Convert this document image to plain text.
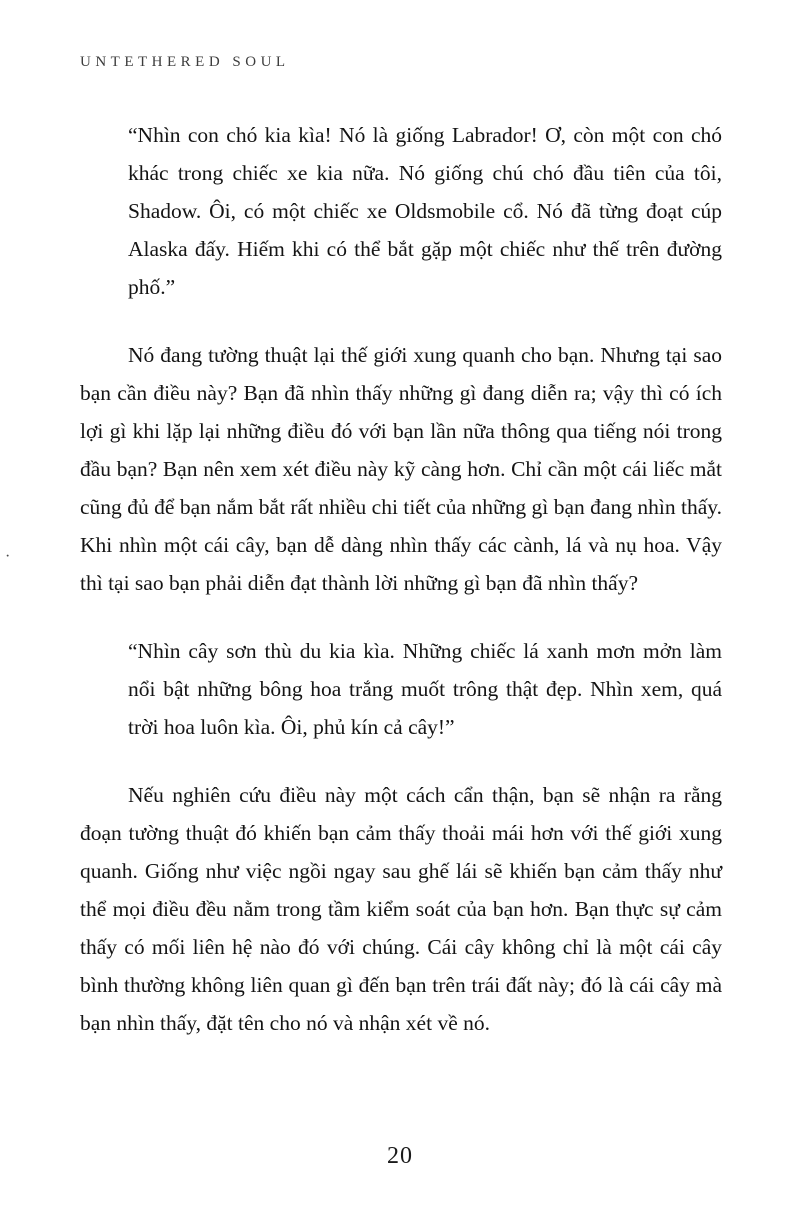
UNTETHERED SOUL
·

“Nhìn con chó kia kìa! Nó là giống Labrador! Ơ, còn một con chó khác trong chiếc xe kia nữa. Nó giống chú chó đầu tiên của tôi, Shadow. Ôi, có một chiếc xe Oldsmobile cổ. Nó đã từng đoạt cúp Alaska đấy. Hiếm khi có thể bắt gặp một chiếc như thế trên đường phố.”

Nó đang tường thuật lại thế giới xung quanh cho bạn. Nhưng tại sao bạn cần điều này? Bạn đã nhìn thấy những gì đang diễn ra; vậy thì có ích lợi gì khi lặp lại những điều đó với bạn lần nữa thông qua tiếng nói trong đầu bạn? Bạn nên xem xét điều này kỹ càng hơn. Chỉ cần một cái liếc mắt cũng đủ để bạn nắm bắt rất nhiều chi tiết của những gì bạn đang nhìn thấy. Khi nhìn một cái cây, bạn dễ dàng nhìn thấy các cành, lá và nụ hoa. Vậy thì tại sao bạn phải diễn đạt thành lời những gì bạn đã nhìn thấy?

“Nhìn cây sơn thù du kia kìa. Những chiếc lá xanh mơn mởn làm nổi bật những bông hoa trắng muốt trông thật đẹp. Nhìn xem, quá trời hoa luôn kìa. Ôi, phủ kín cả cây!”

Nếu nghiên cứu điều này một cách cẩn thận, bạn sẽ nhận ra rằng đoạn tường thuật đó khiến bạn cảm thấy thoải mái hơn với thế giới xung quanh. Giống như việc ngồi ngay sau ghế lái sẽ khiến bạn cảm thấy như thể mọi điều đều nằm trong tầm kiểm soát của bạn hơn. Bạn thực sự cảm thấy có mối liên hệ nào đó với chúng. Cái cây không chỉ là một cái cây bình thường không liên quan gì đến bạn trên trái đất này; đó là cái cây mà bạn nhìn thấy, đặt tên cho nó và nhận xét về nó.

20
